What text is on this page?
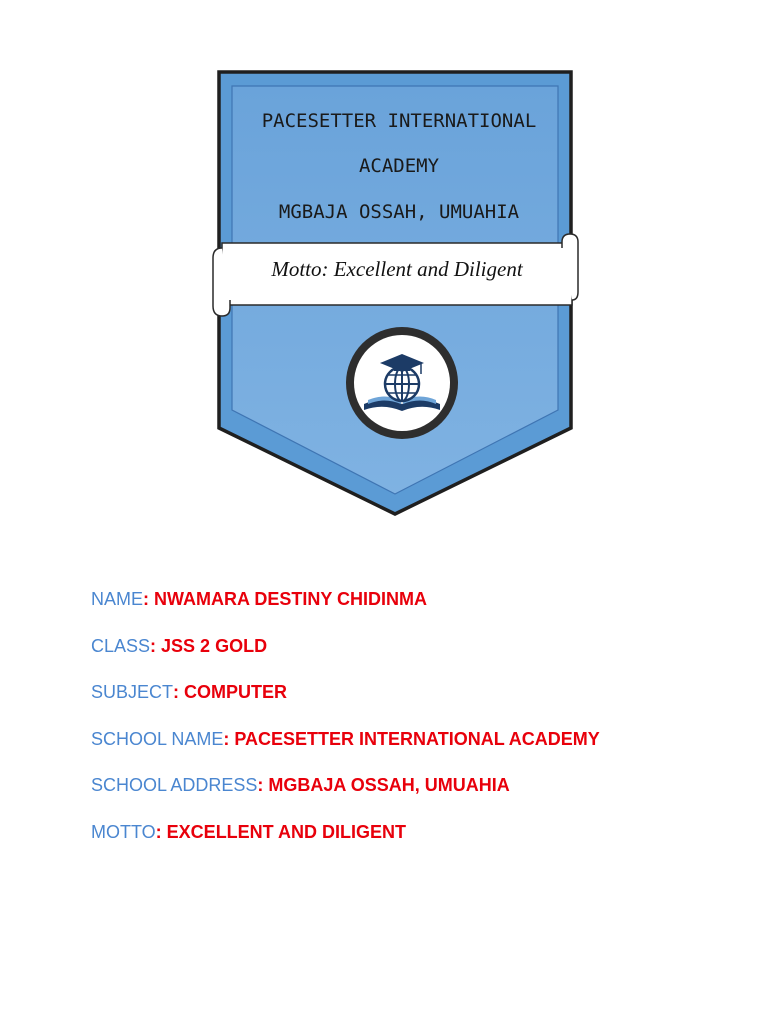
PACESETTER INTERNATIONAL
ACADEMY
MGBAJA OSSAH, UMUAHIA
Motto: Excellent and Diligent
NAME: NWAMARA DESTINY CHIDINMA
CLASS: JSS 2 GOLD
SUBJECT: COMPUTER
SCHOOL NAME: PACESETTER INTERNATIONAL ACADEMY
SCHOOL ADDRESS: MGBAJA OSSAH, UMUAHIA
MOTTO: EXCELLENT AND DILIGENT
